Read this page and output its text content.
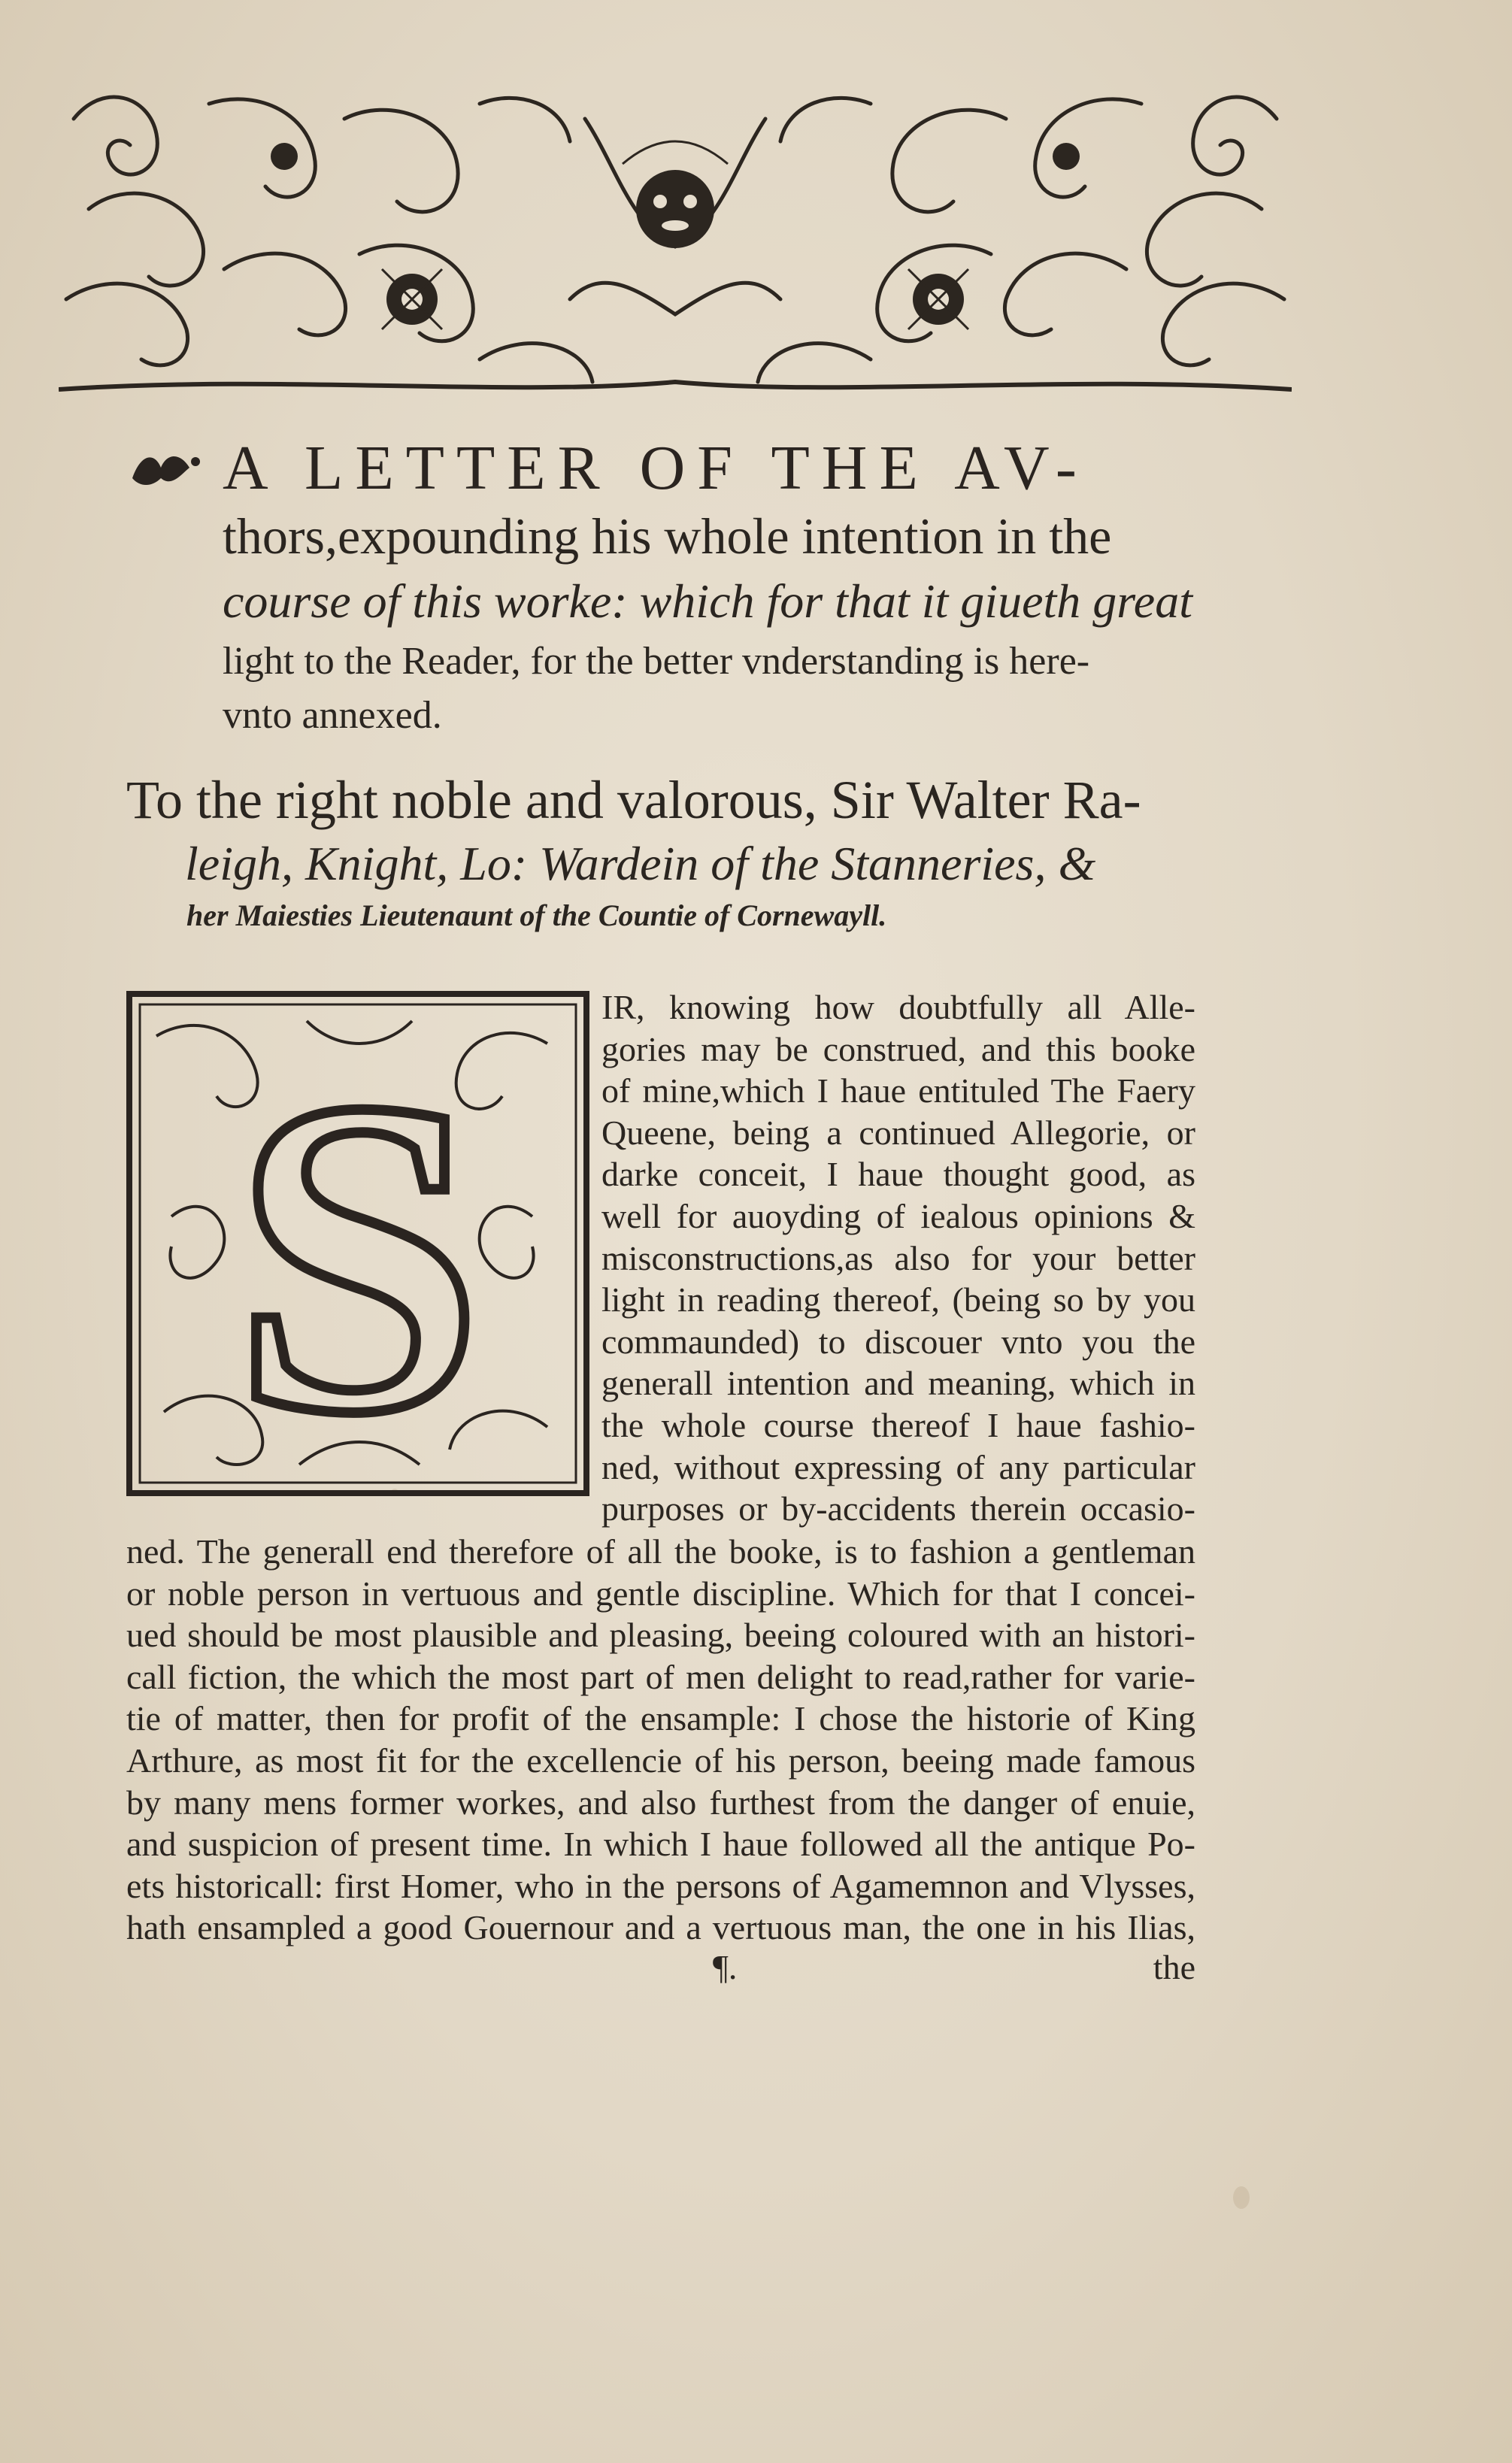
A LETTER OF THE AV-
thors,expounding his whole intention in the
course of this worke: which for that it giueth great
light to the Reader, for the better vnderstanding is here-
vnto annexed.
To the right noble and valorous, Sir Walter Ra-
leigh, Knight, Lo: Wardein of the Stanneries, &
her Maiesties Lieutenaunt of the Countie of Cornewayll.
S	IR, knowing how doubtfully all Alle-
gories may be construed, and this booke
of mine,which I haue entituled The Faery
Queene, being a continued Allegorie, or
darke conceit, I haue thought good, as
well for auoyding of iealous opinions &
misconstructions,as also for your better
light in reading thereof, (being so by you
commaunded) to discouer vnto you the
generall intention and meaning, which in
the whole course thereof I haue fashio-
ned, without expressing of any particular
purposes or by-accidents therein occasio-
ned. The generall end therefore of all the booke, is to fashion a gentleman
or noble person in vertuous and gentle discipline. Which for that I concei-
ued should be most plausible and pleasing, beeing coloured with an histori-
call fiction, the which the most part of men delight to read,rather for varie-
tie of matter, then for profit of the ensample: I chose the historie of King
Arthure, as most fit for the excellencie of his person, beeing made famous
by many mens former workes, and also furthest from the danger of enuie,
and suspicion of present time. In which I haue followed all the antique Po-
ets historicall: first Homer, who in the persons of Agamemnon and Vlysses,
hath ensampled a good Gouernour and a vertuous man, the one in his Ilias,
¶.	the
